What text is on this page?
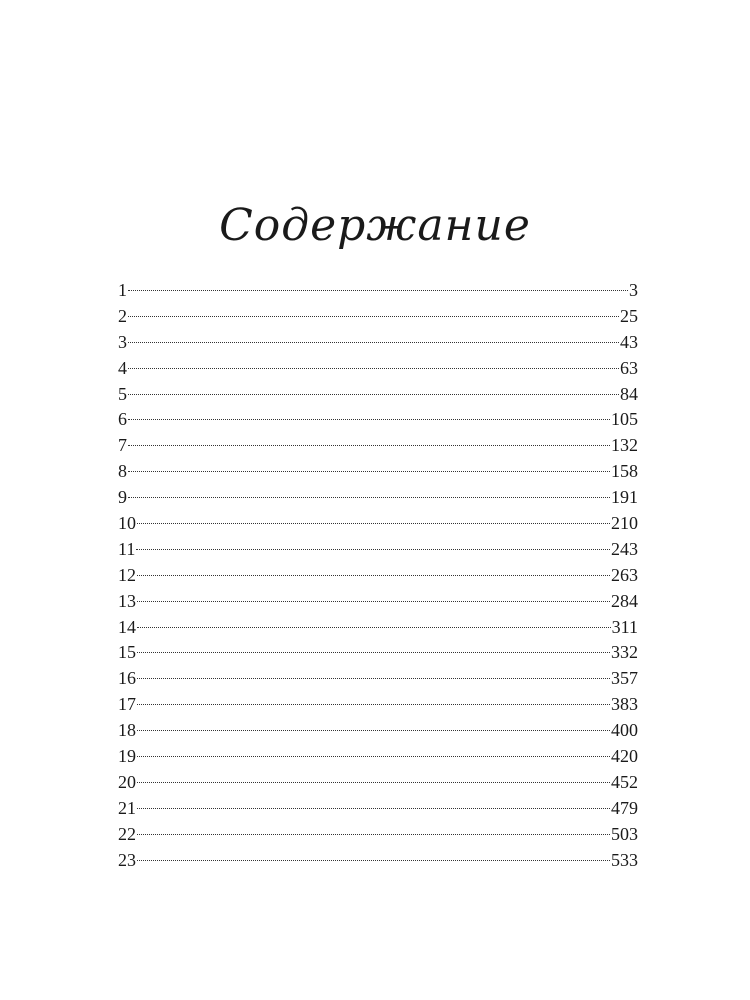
Содержание
1	3
2	25
3	43
4	63
5	84
6	105
7	132
8	158
9	191
10	210
11	243
12	263
13	284
14	311
15	332
16	357
17	383
18	400
19	420
20	452
21	479
22	503
23	533
